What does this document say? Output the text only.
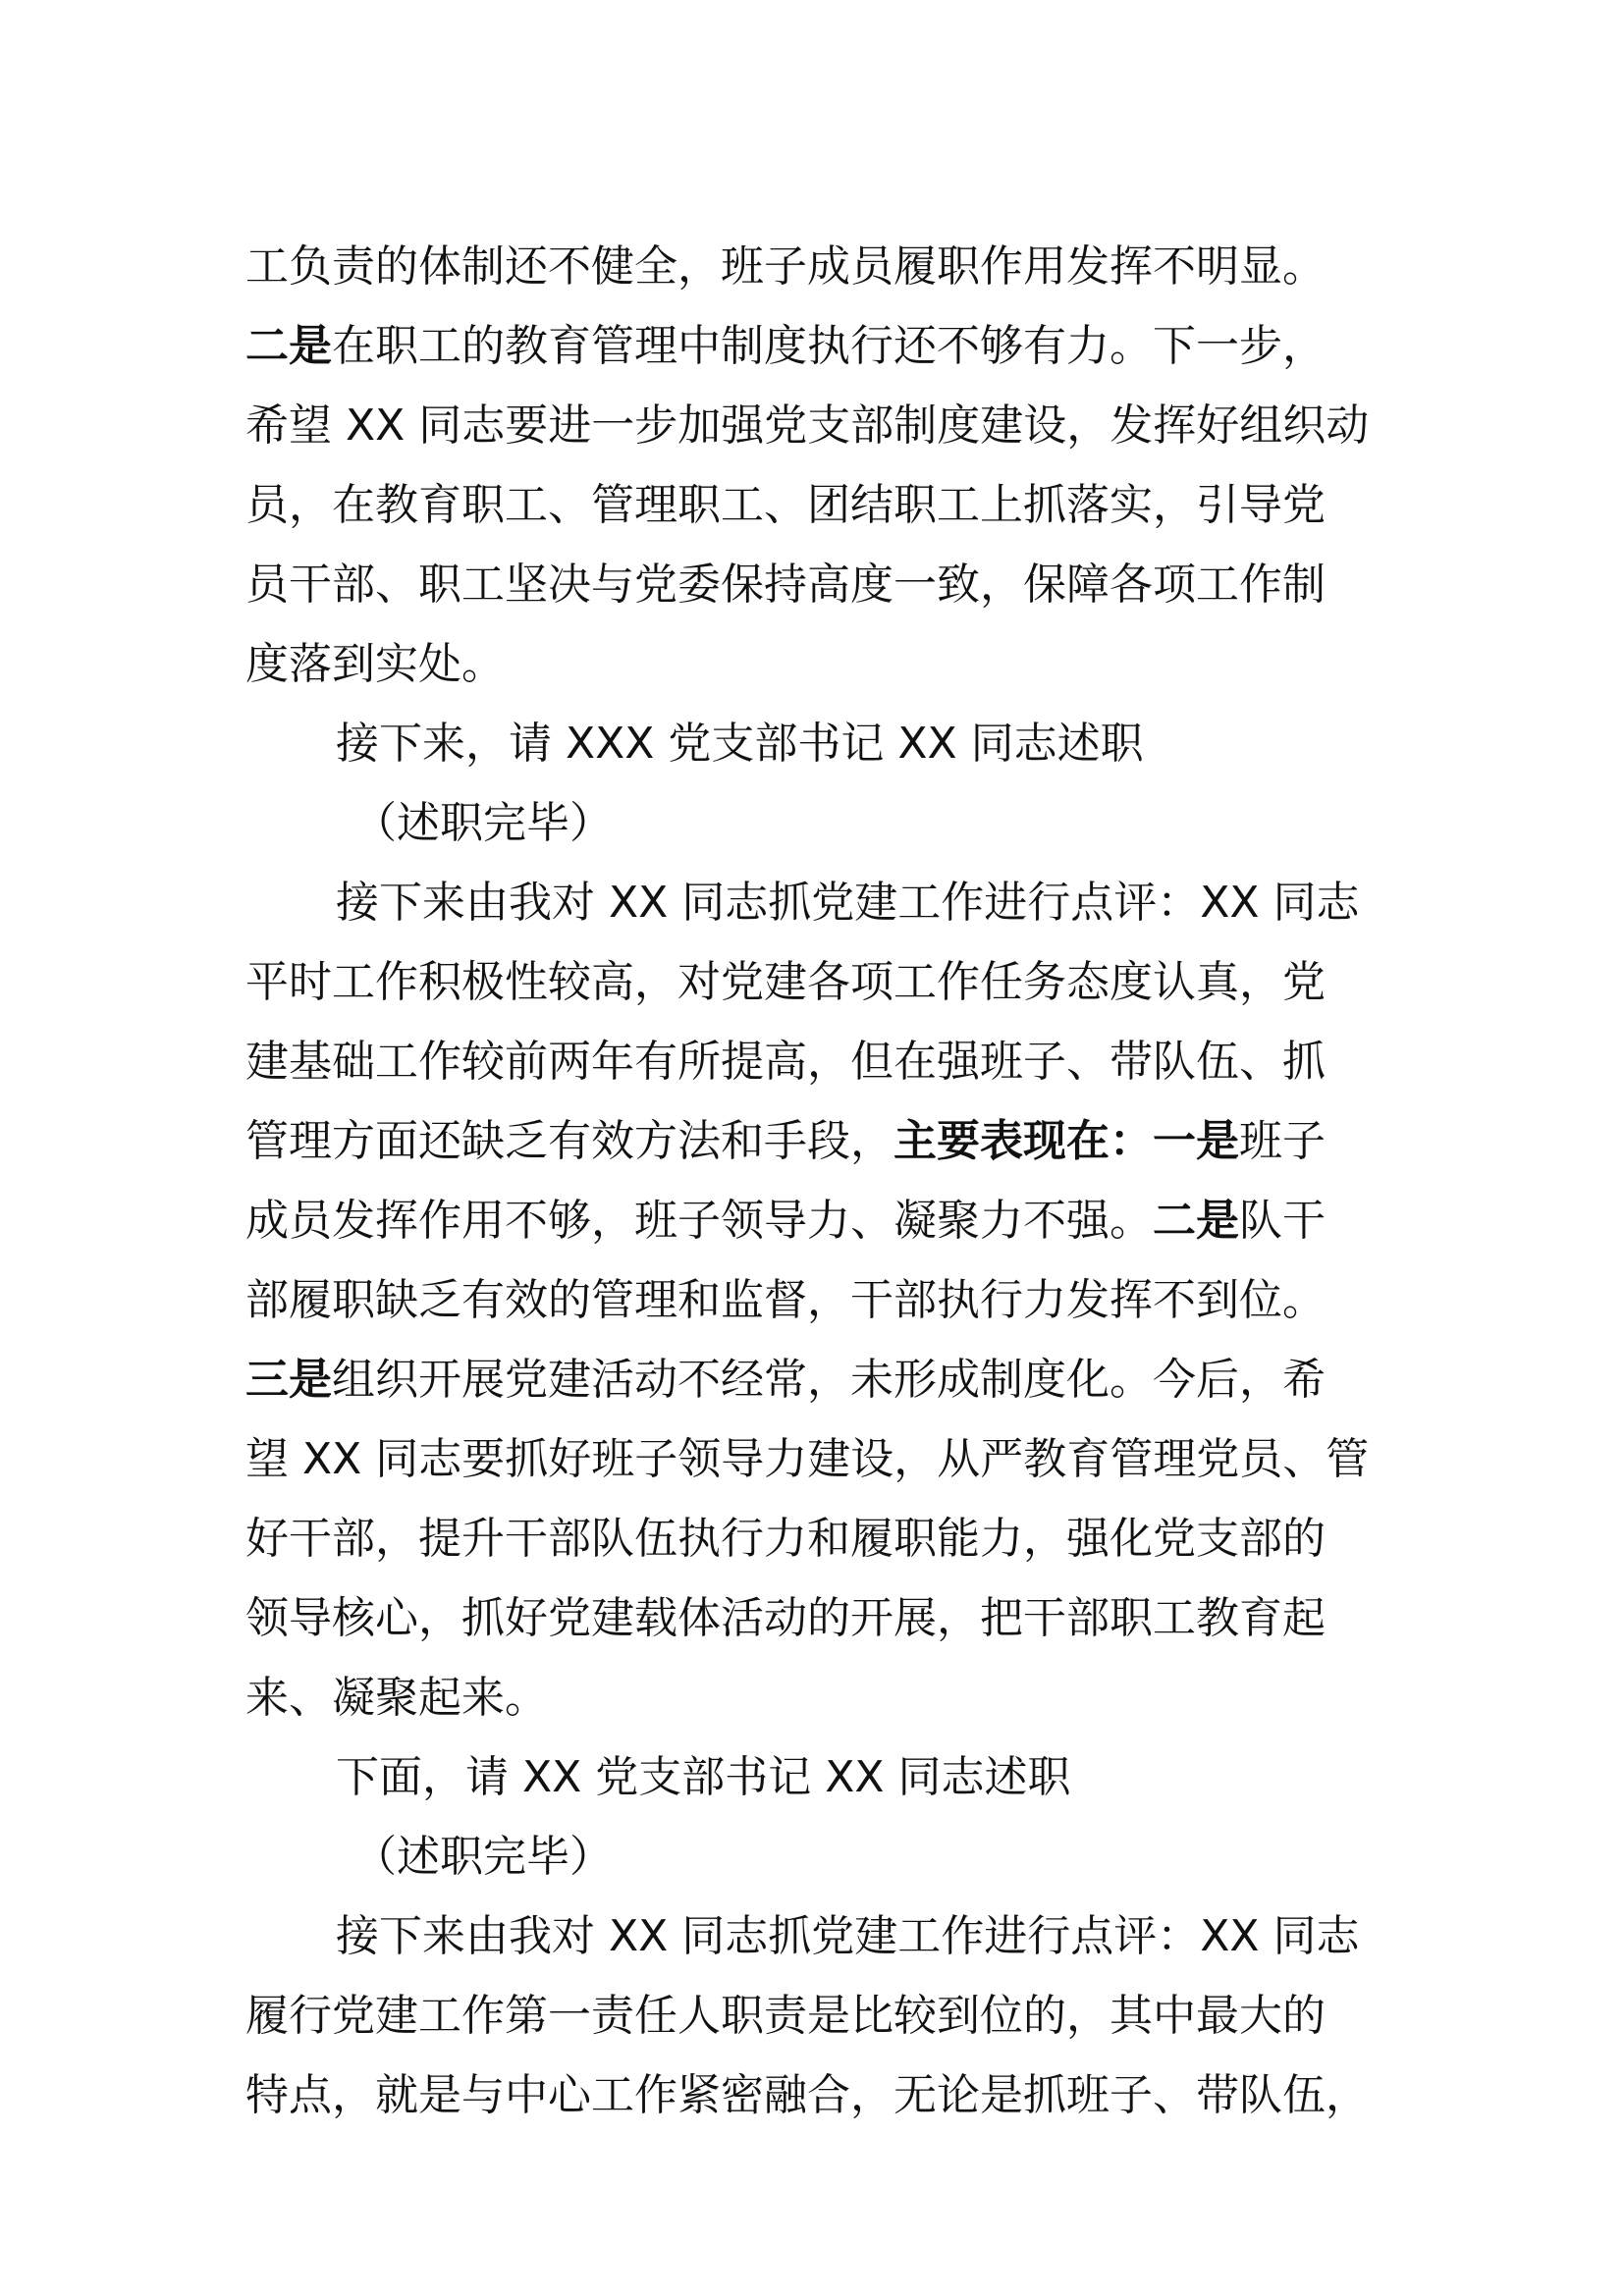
工负责的体制还不健全，班子成员履职作用发挥不明显。
二是在职工的教育管理中制度执行还不够有力。下一步，
希望 XX 同志要进一步加强党支部制度建设，发挥好组织动
员，在教育职工、管理职工、团结职工上抓落实，引导党
员干部、职工坚决与党委保持高度一致，保障各项工作制
度落到实处。
接下来，请 XXX 党支部书记 XX 同志述职
（述职完毕）
接下来由我对 XX 同志抓党建工作进行点评：XX 同志
平时工作积极性较高，对党建各项工作任务态度认真，党
建基础工作较前两年有所提高，但在强班子、带队伍、抓
管理方面还缺乏有效方法和手段，主要表现在：一是班子
成员发挥作用不够，班子领导力、凝聚力不强。二是队干
部履职缺乏有效的管理和监督，干部执行力发挥不到位。
三是组织开展党建活动不经常，未形成制度化。今后，希
望 XX 同志要抓好班子领导力建设，从严教育管理党员、管
好干部，提升干部队伍执行力和履职能力，强化党支部的
领导核心，抓好党建载体活动的开展，把干部职工教育起
来、凝聚起来。
下面，请 XX 党支部书记 XX 同志述职
（述职完毕）
接下来由我对 XX 同志抓党建工作进行点评：XX 同志
履行党建工作第一责任人职责是比较到位的，其中最大的
特点，就是与中心工作紧密融合，无论是抓班子、带队伍，
